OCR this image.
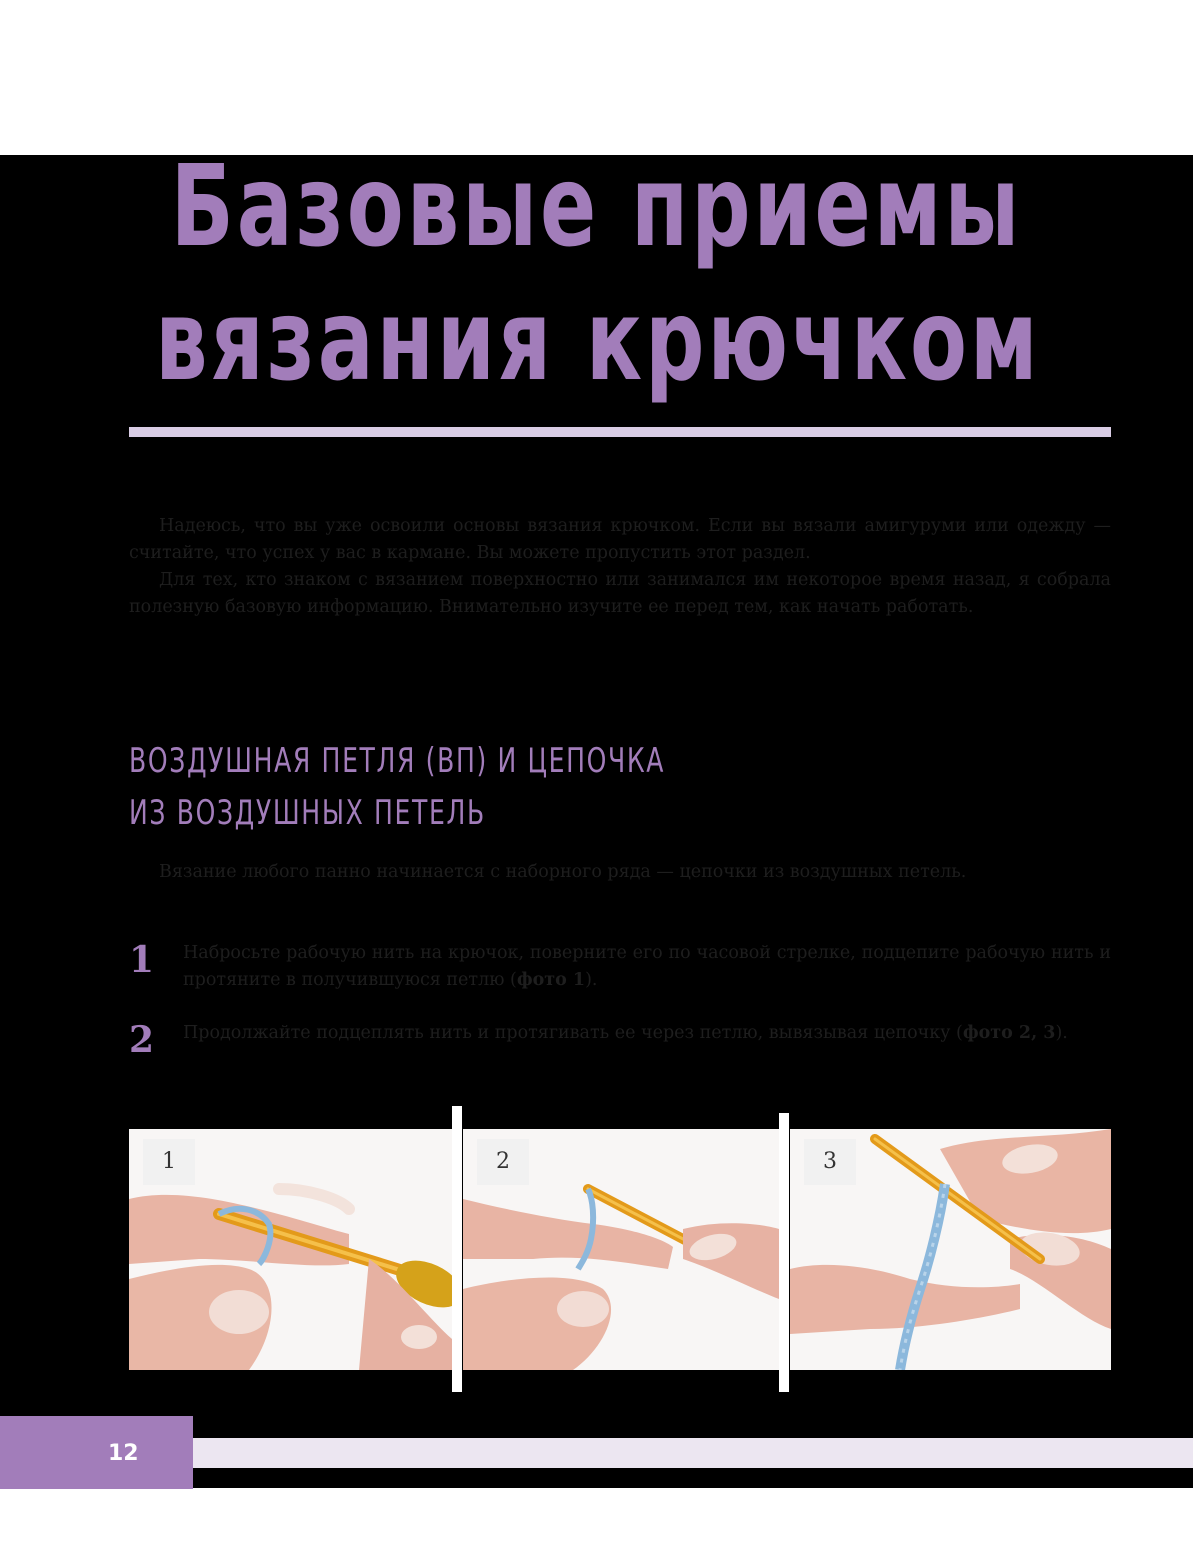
Базовые приемы
вязания крючком

Надеюсь, что вы уже освоили основы вязания крючком. Если вы вязали амигуруми или одежду — считайте, что успех у вас в кармане. Вы можете пропустить этот раздел.

Для тех, кто знаком с вязанием поверхностно или занимался им некоторое время назад, я собрала полезную базовую информацию. Внимательно изучите ее перед тем, как начать работать.

ВОЗДУШНАЯ ПЕТЛЯ (ВП) И ЦЕПОЧКА
ИЗ ВОЗДУШНЫХ ПЕТЕЛЬ
Вязание любого панно начинается с наборного ряда — цепочки из воздушных петель.
1 Набросьте рабочую нить на крючок, поверните его по часовой стрелке, подцепите рабочую нить и протяните в получившуюся петлю (фото 1).
2 Продолжайте подцеплять нить и протягивать ее через петлю, вывязывая цепочку (фото 2, 3).
1	2	3
12
